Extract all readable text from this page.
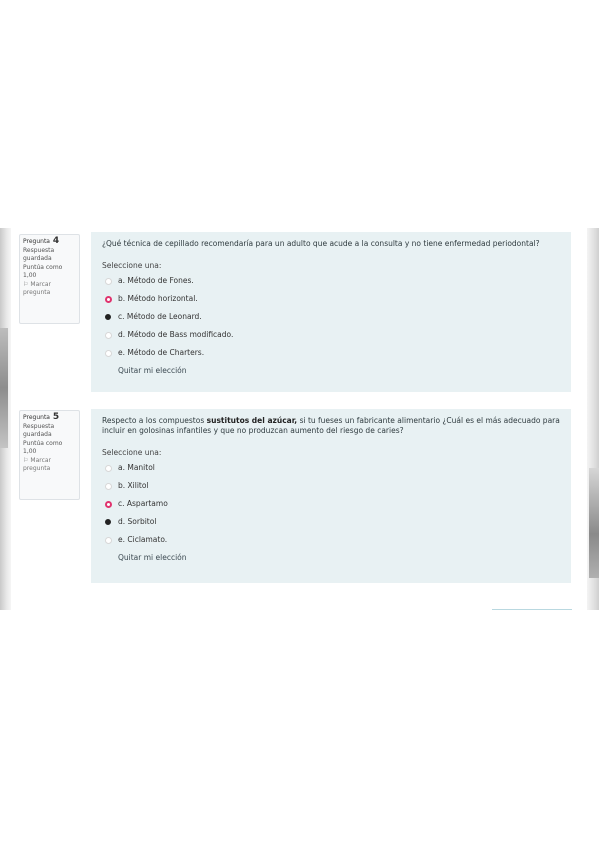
Pregunta 4
Respuesta guardada
Puntúa como 1,00
⚐ Marcar pregunta
¿Qué técnica de cepillado recomendaría para un adulto que acude a la consulta y no tiene enfermedad periodontal?
Seleccione una:
a. Método de Fones.
b. Método horizontal.
c. Método de Leonard.
d. Método de Bass modificado.
e. Método de Charters.
Quitar mi elección
Pregunta 5
Respuesta guardada
Puntúa como 1,00
⚐ Marcar pregunta
Respecto a los compuestos sustitutos del azúcar, si tu fueses un fabricante alimentario ¿Cuál es el más adecuado para incluir en golosinas infantiles y que no produzcan aumento del riesgo de caries?
Seleccione una:
a. Manitol
b. Xilitol
c. Aspartamo
d. Sorbitol
e. Ciclamato.
Quitar mi elección
